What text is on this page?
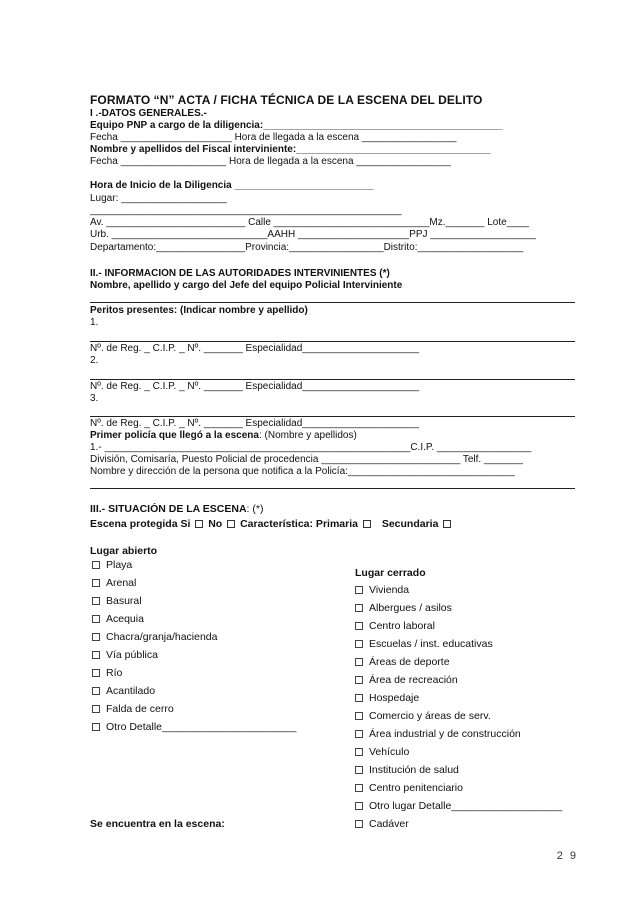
FORMATO “N” ACTA / FICHA TÉCNICA DE LA ESCENA DEL DELITO
I .-DATOS GENERALES.-
Equipo PNP a cargo de la diligencia:___________________________________________
Fecha ____________________ Hora de llegada a la escena _________________
Nombre y apellidos del Fiscal interviniente:___________________________________
Fecha ___________________ Hora de llegada a la escena _________________
Hora de Inicio de la Diligencia _________________________
Lugar: ___________________
________________________________________________________
Av. _________________________ Calle ____________________________Mz._______ Lote____
Urb. ____________________________AAHH ____________________PPJ ___________________
Departamento:________________Provincia:_________________Distrito:___________________
II.- INFORMACIÓN DE LAS AUTORIDADES INTERVINIENTES (*)
Nombre, apellido y cargo del Jefe del equipo Policial Interviniente
Peritos presentes: (Indicar nombre y apellido)
1.
Nº. de Reg. _ C.I.P. _ Nº. _______ Especialidad_____________________
2.
Nº. de Reg. _ C.I.P. _ Nº. _______ Especialidad_____________________
3.
Nº. de Reg. _ C.I.P. _ Nº. _______ Especialidad_____________________
Primer policía que llegó a la escena: (Nombre y apellidos)
1.- _______________________________________________________C.I.P. _________________
División, Comisaría, Puesto Policial de procedencia _________________________ Telf. _______
Nombre y dirección de la persona que notifica a la Policía:______________________________
III.- SITUACIÓN DE LA ESCENA: (*)
Escena protegida Si No Característica: Primaria Secundaria
Lugar abierto
Playa
Arenal
Basural
Acequia
Chacra/granja/hacienda
Vía pública
Río
Acantilado
Falda de cerro
Otro Detalle_______________________
Lugar cerrado
Vivienda
Albergues / asilos
Centro laboral
Escuelas / inst. educativas
Áreas de deporte
Área de recreación
Hospedaje
Comercio y áreas de serv.
Área industrial y de construcción
Vehículo
Institución de salud
Centro penitenciario
Otro lugar Detalle___________________
Cadáver
Se encuentra en la escena:
2 9
